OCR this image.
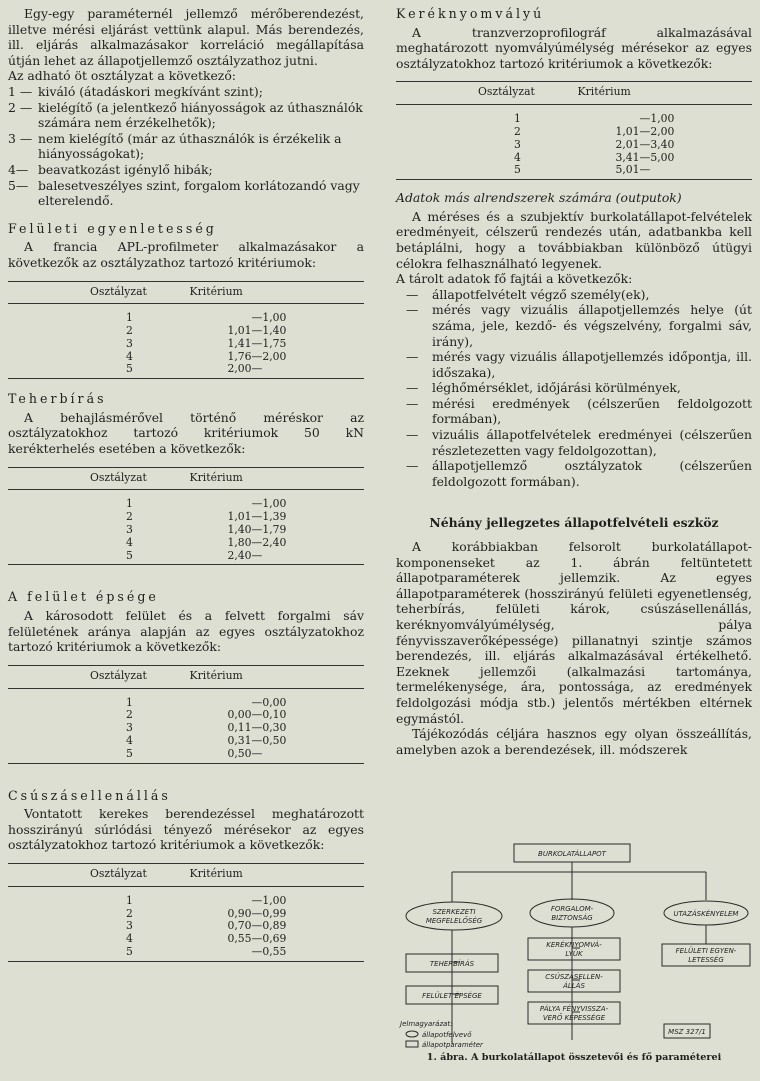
Egy-egy paraméternél jellemző mérőberendezést, illetve mérési eljárást vettünk alapul. Más berendezés, ill. eljárás alkalmazásakor korreláció megállapítása útján lehet az állapotjellemző osztályzathoz jutni.

Az adható öt osztályzat a következő:

1 — kiváló (átadáskori megkívánt szint);
2 — kielégítő (a jelentkező hiányosságok az úthasználók számára nem érzékelhetők);
3 — nem kielégítő (már az úthasználók is érzékelik a hiányosságokat);
4— beavatkozást igénylő hibák;
5— balesetveszélyes szint, forgalom korlátozandó vagy elterelendő.
Felületi egyenletesség

A francia APL-profilmeter alkalmazásakor a következők az osztályzathoz tartozó kritériumok:

Osztályzat	Kritérium
1	—1,00
2	1,01—1,40
3	1,41—1,75
4	1,76—2,00
5	2,00—
Teherbírás

A behajlásmérővel történő méréskor az osztályzatokhoz tartozó kritériumok 50 kN kerékterhelés esetében a következők:

Osztályzat	Kritérium
1	—1,00
2	1,01—1,39
3	1,40—1,79
4	1,80—2,40
5	2,40—
A felület épsége

A károsodott felület és a felvett forgalmi sáv felületének aránya alapján az egyes osztályzatokhoz tartozó kritériumok a következők:

Osztályzat	Kritérium
1	—0,00
2	0,00—0,10
3	0,11—0,30
4	0,31—0,50
5	0,50—
Csúszásellenállás

Vontatott kerekes berendezéssel meghatározott hosszirányú súrlódási tényező mérésekor az egyes osztályzatokhoz tartozó kritériumok a következők:

Osztályzat	Kritérium
1	—1,00
2	0,90—0,99
3	0,70—0,89
4	0,55—0,69
5	—0,55
Keréknyomvályú

A tranzverzoprofilográf alkalmazásával meghatározott nyomvályúmélység mérésekor az egyes osztályzatokhoz tartozó kritériumok a következők:

Osztályzat	Kritérium
1	—1,00
2	1,01—2,00
3	2,01—3,40
4	3,41—5,00
5	5,01—
Adatok más alrendszerek számára (outputok)

A méréses és a szubjektív burkolatállapot-felvételek eredményeit, célszerű rendezés után, adatbankba kell betáplálni, hogy a továbbiakban különböző útügyi célokra felhasználható legyenek.

A tárolt adatok fő fajtái a következők:

— állapotfelvételt végző személy(ek),
— mérés vagy vizuális állapotjellemzés helye (út száma, jele, kezdő- és végszelvény, forgalmi sáv, irány),
— mérés vagy vizuális állapotjellemzés időpontja, ill. időszaka),
— léghőmérséklet, időjárási körülmények,
— mérési eredmények (célszerűen feldolgozott formában),
— vizuális állapotfelvételek eredményei (célszerűen részletezetten vagy feldolgozottan),
— állapotjellemző osztályzatok (célszerűen feldolgozott formában).
Néhány jellegzetes állapotfelvételi eszköz

A korábbiakban felsorolt burkolatállapot-komponenseket az 1. ábrán feltüntetett állapotparaméterek jellemzik. Az egyes állapotparaméterek (hosszirányú felületi egyenetlenség, teherbírás, felületi károk, csúszásellenállás, keréknyomvályúmélység, pálya fényvisszaverőképessége) pillanatnyi szintje számos berendezés, ill. eljárás alkalmazásával értékelhető. Ezeknek jellemzői (alkalmazási tartománya, termelékenysége, ára, pontossága, az eredmények feldolgozási módja stb.) jelentős mértékben eltérnek egymástól.

Tájékozódás céljára hasznos egy olyan összeállítás, amelyben azok a berendezések, ill. módszerek

BURKOLATÁLLAPOT
SZERKEZETI
MEGFELELŐSÉG
FORGALOM-
BIZTONSÁG	UTAZÁSKÉNYELEM
TEHERBÍRÁS
FELÜLET ÉPSÉGE
KERÉKNYOMVÁ-
LYÚK
CSÚSZÁSELLEN-
ÁLLÁS
PÁLYA FÉNYVISSZA-
VERŐ KÉPESSÉGE
FELÜLETI EGYEN-
LETESSÉG
MSZ 327/1
Jelmagyarázat:
állapotfelvevő
állapotparaméter
1. ábra. A burkolatállapot összetevői és fő paraméterei
